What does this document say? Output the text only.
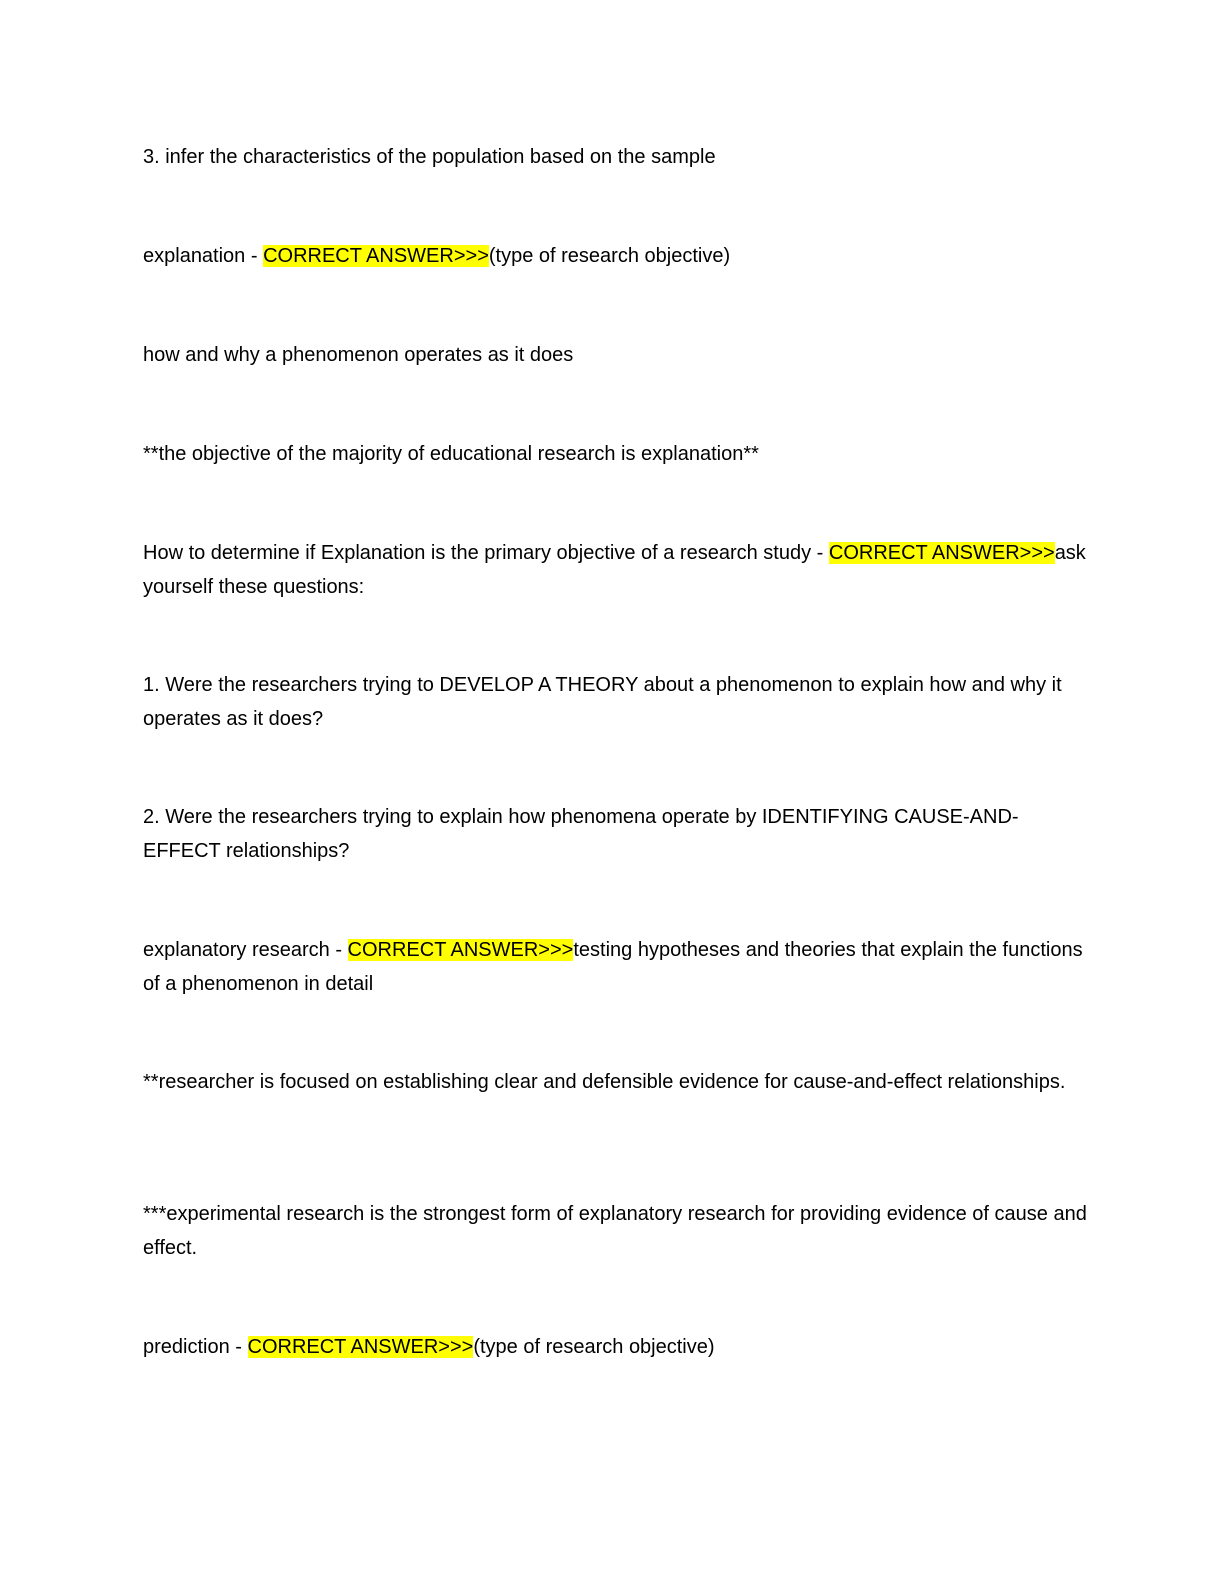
3. infer the characteristics of the population based on the sample

explanation - CORRECT ANSWER>>>(type of research objective)

how and why a phenomenon operates as it does

**the objective of the majority of educational research is explanation**

How to determine if Explanation is the primary objective of a research study - CORRECT ANSWER>>>ask yourself these questions:

1. Were the researchers trying to DEVELOP A THEORY about a phenomenon to explain how and why it operates as it does?

2. Were the researchers trying to explain how phenomena operate by IDENTIFYING CAUSE-AND-EFFECT relationships?

explanatory research - CORRECT ANSWER>>>testing hypotheses and theories that explain the functions of a phenomenon in detail

**researcher is focused on establishing clear and defensible evidence for cause-and-effect relationships.

***experimental research is the strongest form of explanatory research for providing evidence of cause and effect.

prediction - CORRECT ANSWER>>>(type of research objective)
